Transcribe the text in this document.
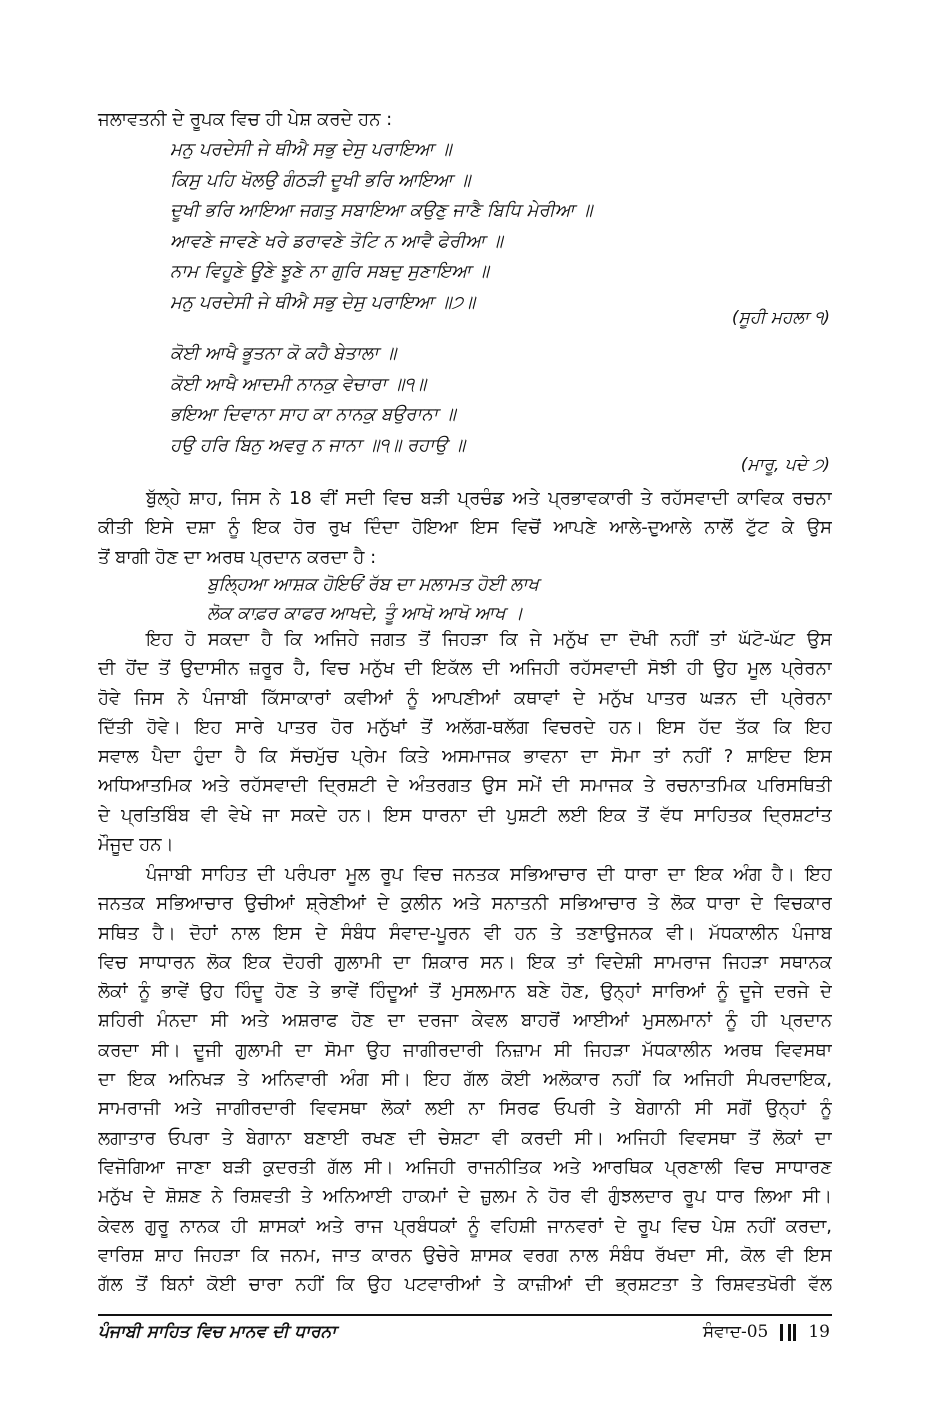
ਜਲਾਵਤਨੀ ਦੇ ਰੂਪਕ ਵਿਚ ਹੀ ਪੇਸ਼ ਕਰਦੇ ਹਨ :
ਮਨੁ ਪਰਦੇਸੀ ਜੇ ਥੀਐ ਸਭੁ ਦੇਸੁ ਪਰਾਇਆ ॥
ਕਿਸੁ ਪਹਿ ਖੋਲਉ ਗੰਠੜੀ ਦੂਖੀ ਭਰਿ ਆਇਆ ॥
ਦੂਖੀ ਭਰਿ ਆਇਆ ਜਗਤੁ ਸਬਾਇਆ ਕਉਣੁ ਜਾਣੈ ਬਿਧਿ ਮੇਰੀਆ ॥
ਆਵਣੇ ਜਾਵਣੇ ਖਰੇ ਡਰਾਵਣੇ ਤੋਟਿ ਨ ਆਵੈ ਫੇਰੀਆ ॥
ਨਾਮ ਵਿਹੂਣੇ ਊਣੇ ਝੂਣੇ ਨਾ ਗੁਰਿ ਸਬਦੁ ਸੁਣਾਇਆ ॥
ਮਨੁ ਪਰਦੇਸੀ ਜੇ ਥੀਐ ਸਭੁ ਦੇਸੁ ਪਰਾਇਆ ॥੭॥
(ਸੂਹੀ ਮਹਲਾ ੧)
ਕੋਈ ਆਖੈ ਭੂਤਨਾ ਕੋ ਕਹੈ ਬੇਤਾਲਾ ॥
ਕੋਈ ਆਖੈ ਆਦਮੀ ਨਾਨਕੁ ਵੇਚਾਰਾ ॥੧॥
ਭਇਆ ਦਿਵਾਨਾ ਸਾਹ ਕਾ ਨਾਨਕੁ ਬਉਰਾਨਾ ॥
ਹਉ ਹਰਿ ਬਿਨੁ ਅਵਰੁ ਨ ਜਾਨਾ ॥੧॥ ਰਹਾਉ ॥
(ਮਾਰੂ, ਪਦੇ ੭)
ਬੁੱਲ੍ਹੇ ਸ਼ਾਹ, ਜਿਸ ਨੇ 18 ਵੀਂ ਸਦੀ ਵਿਚ ਬੜੀ ਪ੍ਰਚੰਡ ਅਤੇ ਪ੍ਰਭਾਵਕਾਰੀ ਤੇ ਰਹੱਸਵਾਦੀ ਕਾਵਿਕ ਰਚਨਾ
ਕੀਤੀ ਇਸੇ ਦਸ਼ਾ ਨੂੰ ਇਕ ਹੋਰ ਰੁਖ ਦਿੰਦਾ ਹੋਇਆ ਇਸ ਵਿਚੋਂ ਆਪਣੇ ਆਲੇ-ਦੁਆਲੇ ਨਾਲੋਂ ਟੁੱਟ ਕੇ ਉਸ
ਤੋਂ ਬਾਗੀ ਹੋਣ ਦਾ ਅਰਥ ਪ੍ਰਦਾਨ ਕਰਦਾ ਹੈ :
ਬੁਲ੍ਹਿਆ ਆਸ਼ਕ ਹੋਇਓਂ ਰੱਬ ਦਾ ਮਲਾਮਤ ਹੋਈ ਲਾਖ
ਲੋਕ ਕਾਫ਼ਰ ਕਾਫਰ ਆਖਦੇ, ਤੂੰ ਆਖੋ ਆਖੋ ਆਖ ।
ਇਹ ਹੋ ਸਕਦਾ ਹੈ ਕਿ ਅਜਿਹੇ ਜਗਤ ਤੋਂ ਜਿਹੜਾ ਕਿ ਜੇ ਮਨੁੱਖ ਦਾ ਦੋਖੀ ਨਹੀਂ ਤਾਂ ਘੱਟੋ-ਘੱਟ ਉਸ
ਦੀ ਹੋਂਦ ਤੋਂ ਉਦਾਸੀਨ ਜ਼ਰੂਰ ਹੈ, ਵਿਚ ਮਨੁੱਖ ਦੀ ਇਕੱਲ ਦੀ ਅਜਿਹੀ ਰਹੱਸਵਾਦੀ ਸੋਝੀ ਹੀ ਉਹ ਮੂਲ ਪ੍ਰੇਰਨਾ
ਹੋਵੇ ਜਿਸ ਨੇ ਪੰਜਾਬੀ ਕਿੱਸਾਕਾਰਾਂ ਕਵੀਆਂ ਨੂੰ ਆਪਣੀਆਂ ਕਥਾਵਾਂ ਦੇ ਮਨੁੱਖ ਪਾਤਰ ਘੜਨ ਦੀ ਪ੍ਰੇਰਨਾ
ਦਿੱਤੀ ਹੋਵੇ। ਇਹ ਸਾਰੇ ਪਾਤਰ ਹੋਰ ਮਨੁੱਖਾਂ ਤੋਂ ਅਲੱਗ-ਥਲੱਗ ਵਿਚਰਦੇ ਹਨ। ਇਸ ਹੱਦ ਤੱਕ ਕਿ ਇਹ
ਸਵਾਲ ਪੈਦਾ ਹੁੰਦਾ ਹੈ ਕਿ ਸੱਚਮੁੱਚ ਪ੍ਰੇਮ ਕਿਤੇ ਅਸਮਾਜਕ ਭਾਵਨਾ ਦਾ ਸੋਮਾ ਤਾਂ ਨਹੀਂ ? ਸ਼ਾਇਦ ਇਸ
ਅਧਿਆਤਮਿਕ ਅਤੇ ਰਹੱਸਵਾਦੀ ਦ੍ਰਿਸ਼ਟੀ ਦੇ ਅੰਤਰਗਤ ਉਸ ਸਮੇਂ ਦੀ ਸਮਾਜਕ ਤੇ ਰਚਨਾਤਮਿਕ ਪਰਿਸਥਿਤੀ
ਦੇ ਪ੍ਰਤਿਬਿੰਬ ਵੀ ਵੇਖੇ ਜਾ ਸਕਦੇ ਹਨ। ਇਸ ਧਾਰਨਾ ਦੀ ਪੁਸ਼ਟੀ ਲਈ ਇਕ ਤੋਂ ਵੱਧ ਸਾਹਿਤਕ ਦ੍ਰਿਸ਼ਟਾਂਤ
ਮੌਜੂਦ ਹਨ।
ਪੰਜਾਬੀ ਸਾਹਿਤ ਦੀ ਪਰੰਪਰਾ ਮੂਲ ਰੂਪ ਵਿਚ ਜਨਤਕ ਸਭਿਆਚਾਰ ਦੀ ਧਾਰਾ ਦਾ ਇਕ ਅੰਗ ਹੈ। ਇਹ
ਜਨਤਕ ਸਭਿਆਚਾਰ ਉਚੀਆਂ ਸ਼੍ਰੇਣੀਆਂ ਦੇ ਕੁਲੀਨ ਅਤੇ ਸਨਾਤਨੀ ਸਭਿਆਚਾਰ ਤੇ ਲੋਕ ਧਾਰਾ ਦੇ ਵਿਚਕਾਰ
ਸਥਿਤ ਹੈ। ਦੋਹਾਂ ਨਾਲ ਇਸ ਦੇ ਸੰਬੰਧ ਸੰਵਾਦ-ਪੂਰਨ ਵੀ ਹਨ ਤੇ ਤਣਾਉਜਨਕ ਵੀ। ਮੱਧਕਾਲੀਨ ਪੰਜਾਬ
ਵਿਚ ਸਾਧਾਰਨ ਲੋਕ ਇਕ ਦੋਹਰੀ ਗੁਲਾਮੀ ਦਾ ਸ਼ਿਕਾਰ ਸਨ। ਇਕ ਤਾਂ ਵਿਦੇਸ਼ੀ ਸਾਮਰਾਜ ਜਿਹੜਾ ਸਥਾਨਕ
ਲੋਕਾਂ ਨੂੰ ਭਾਵੇਂ ਉਹ ਹਿੰਦੂ ਹੋਣ ਤੇ ਭਾਵੇਂ ਹਿੰਦੂਆਂ ਤੋਂ ਮੁਸਲਮਾਨ ਬਣੇ ਹੋਣ, ਉਨ੍ਹਾਂ ਸਾਰਿਆਂ ਨੂੰ ਦੂਜੇ ਦਰਜੇ ਦੇ
ਸ਼ਹਿਰੀ ਮੰਨਦਾ ਸੀ ਅਤੇ ਅਸ਼ਰਾਫ ਹੋਣ ਦਾ ਦਰਜਾ ਕੇਵਲ ਬਾਹਰੋਂ ਆਈਆਂ ਮੁਸਲਮਾਨਾਂ ਨੂੰ ਹੀ ਪ੍ਰਦਾਨ
ਕਰਦਾ ਸੀ। ਦੂਜੀ ਗੁਲਾਮੀ ਦਾ ਸੋਮਾ ਉਹ ਜਾਗੀਰਦਾਰੀ ਨਿਜ਼ਾਮ ਸੀ ਜਿਹੜਾ ਮੱਧਕਾਲੀਨ ਅਰਥ ਵਿਵਸਥਾ
ਦਾ ਇਕ ਅਨਿਖੜ ਤੇ ਅਨਿਵਾਰੀ ਅੰਗ ਸੀ। ਇਹ ਗੱਲ ਕੋਈ ਅਲੋਕਾਰ ਨਹੀਂ ਕਿ ਅਜਿਹੀ ਸੰਪਰਦਾਇਕ,
ਸਾਮਰਾਜੀ ਅਤੇ ਜਾਗੀਰਦਾਰੀ ਵਿਵਸਥਾ ਲੋਕਾਂ ਲਈ ਨਾ ਸਿਰਫ ਓਪਰੀ ਤੇ ਬੇਗਾਨੀ ਸੀ ਸਗੋਂ ਉਨ੍ਹਾਂ ਨੂੰ
ਲਗਾਤਾਰ ਓਪਰਾ ਤੇ ਬੇਗਾਨਾ ਬਣਾਈ ਰਖਣ ਦੀ ਚੇਸ਼ਟਾ ਵੀ ਕਰਦੀ ਸੀ। ਅਜਿਹੀ ਵਿਵਸਥਾ ਤੋਂ ਲੋਕਾਂ ਦਾ
ਵਿਜੋਗਿਆ ਜਾਣਾ ਬੜੀ ਕੁਦਰਤੀ ਗੱਲ ਸੀ। ਅਜਿਹੀ ਰਾਜਨੀਤਿਕ ਅਤੇ ਆਰਥਿਕ ਪ੍ਰਣਾਲੀ ਵਿਚ ਸਾਧਾਰਣ
ਮਨੁੱਖ ਦੇ ਸ਼ੋਸ਼ਣ ਨੇ ਰਿਸ਼ਵਤੀ ਤੇ ਅਨਿਆਈ ਹਾਕਮਾਂ ਦੇ ਜ਼ੁਲਮ ਨੇ ਹੋਰ ਵੀ ਗੁੰਝਲਦਾਰ ਰੂਪ ਧਾਰ ਲਿਆ ਸੀ।
ਕੇਵਲ ਗੁਰੂ ਨਾਨਕ ਹੀ ਸ਼ਾਸਕਾਂ ਅਤੇ ਰਾਜ ਪ੍ਰਬੰਧਕਾਂ ਨੂੰ ਵਹਿਸ਼ੀ ਜਾਨਵਰਾਂ ਦੇ ਰੂਪ ਵਿਚ ਪੇਸ਼ ਨਹੀਂ ਕਰਦਾ,
ਵਾਰਿਸ਼ ਸ਼ਾਹ ਜਿਹੜਾ ਕਿ ਜਨਮ, ਜਾਤ ਕਾਰਨ ਉਚੇਰੇ ਸ਼ਾਸਕ ਵਰਗ ਨਾਲ ਸੰਬੰਧ ਰੱਖਦਾ ਸੀ, ਕੋਲ ਵੀ ਇਸ
ਗੱਲ ਤੋਂ ਬਿਨਾਂ ਕੋਈ ਚਾਰਾ ਨਹੀਂ ਕਿ ਉਹ ਪਟਵਾਰੀਆਂ ਤੇ ਕਾਜ਼ੀਆਂ ਦੀ ਭ੍ਰਸ਼ਟਤਾ ਤੇ ਰਿਸ਼ਵਤਖੋਰੀ ਵੱਲ
ਪੰਜਾਬੀ ਸਾਹਿਤ ਵਿਚ ਮਾਨਵ ਦੀ ਧਾਰਨਾ	ਸੰਵਾਦ-05 19
